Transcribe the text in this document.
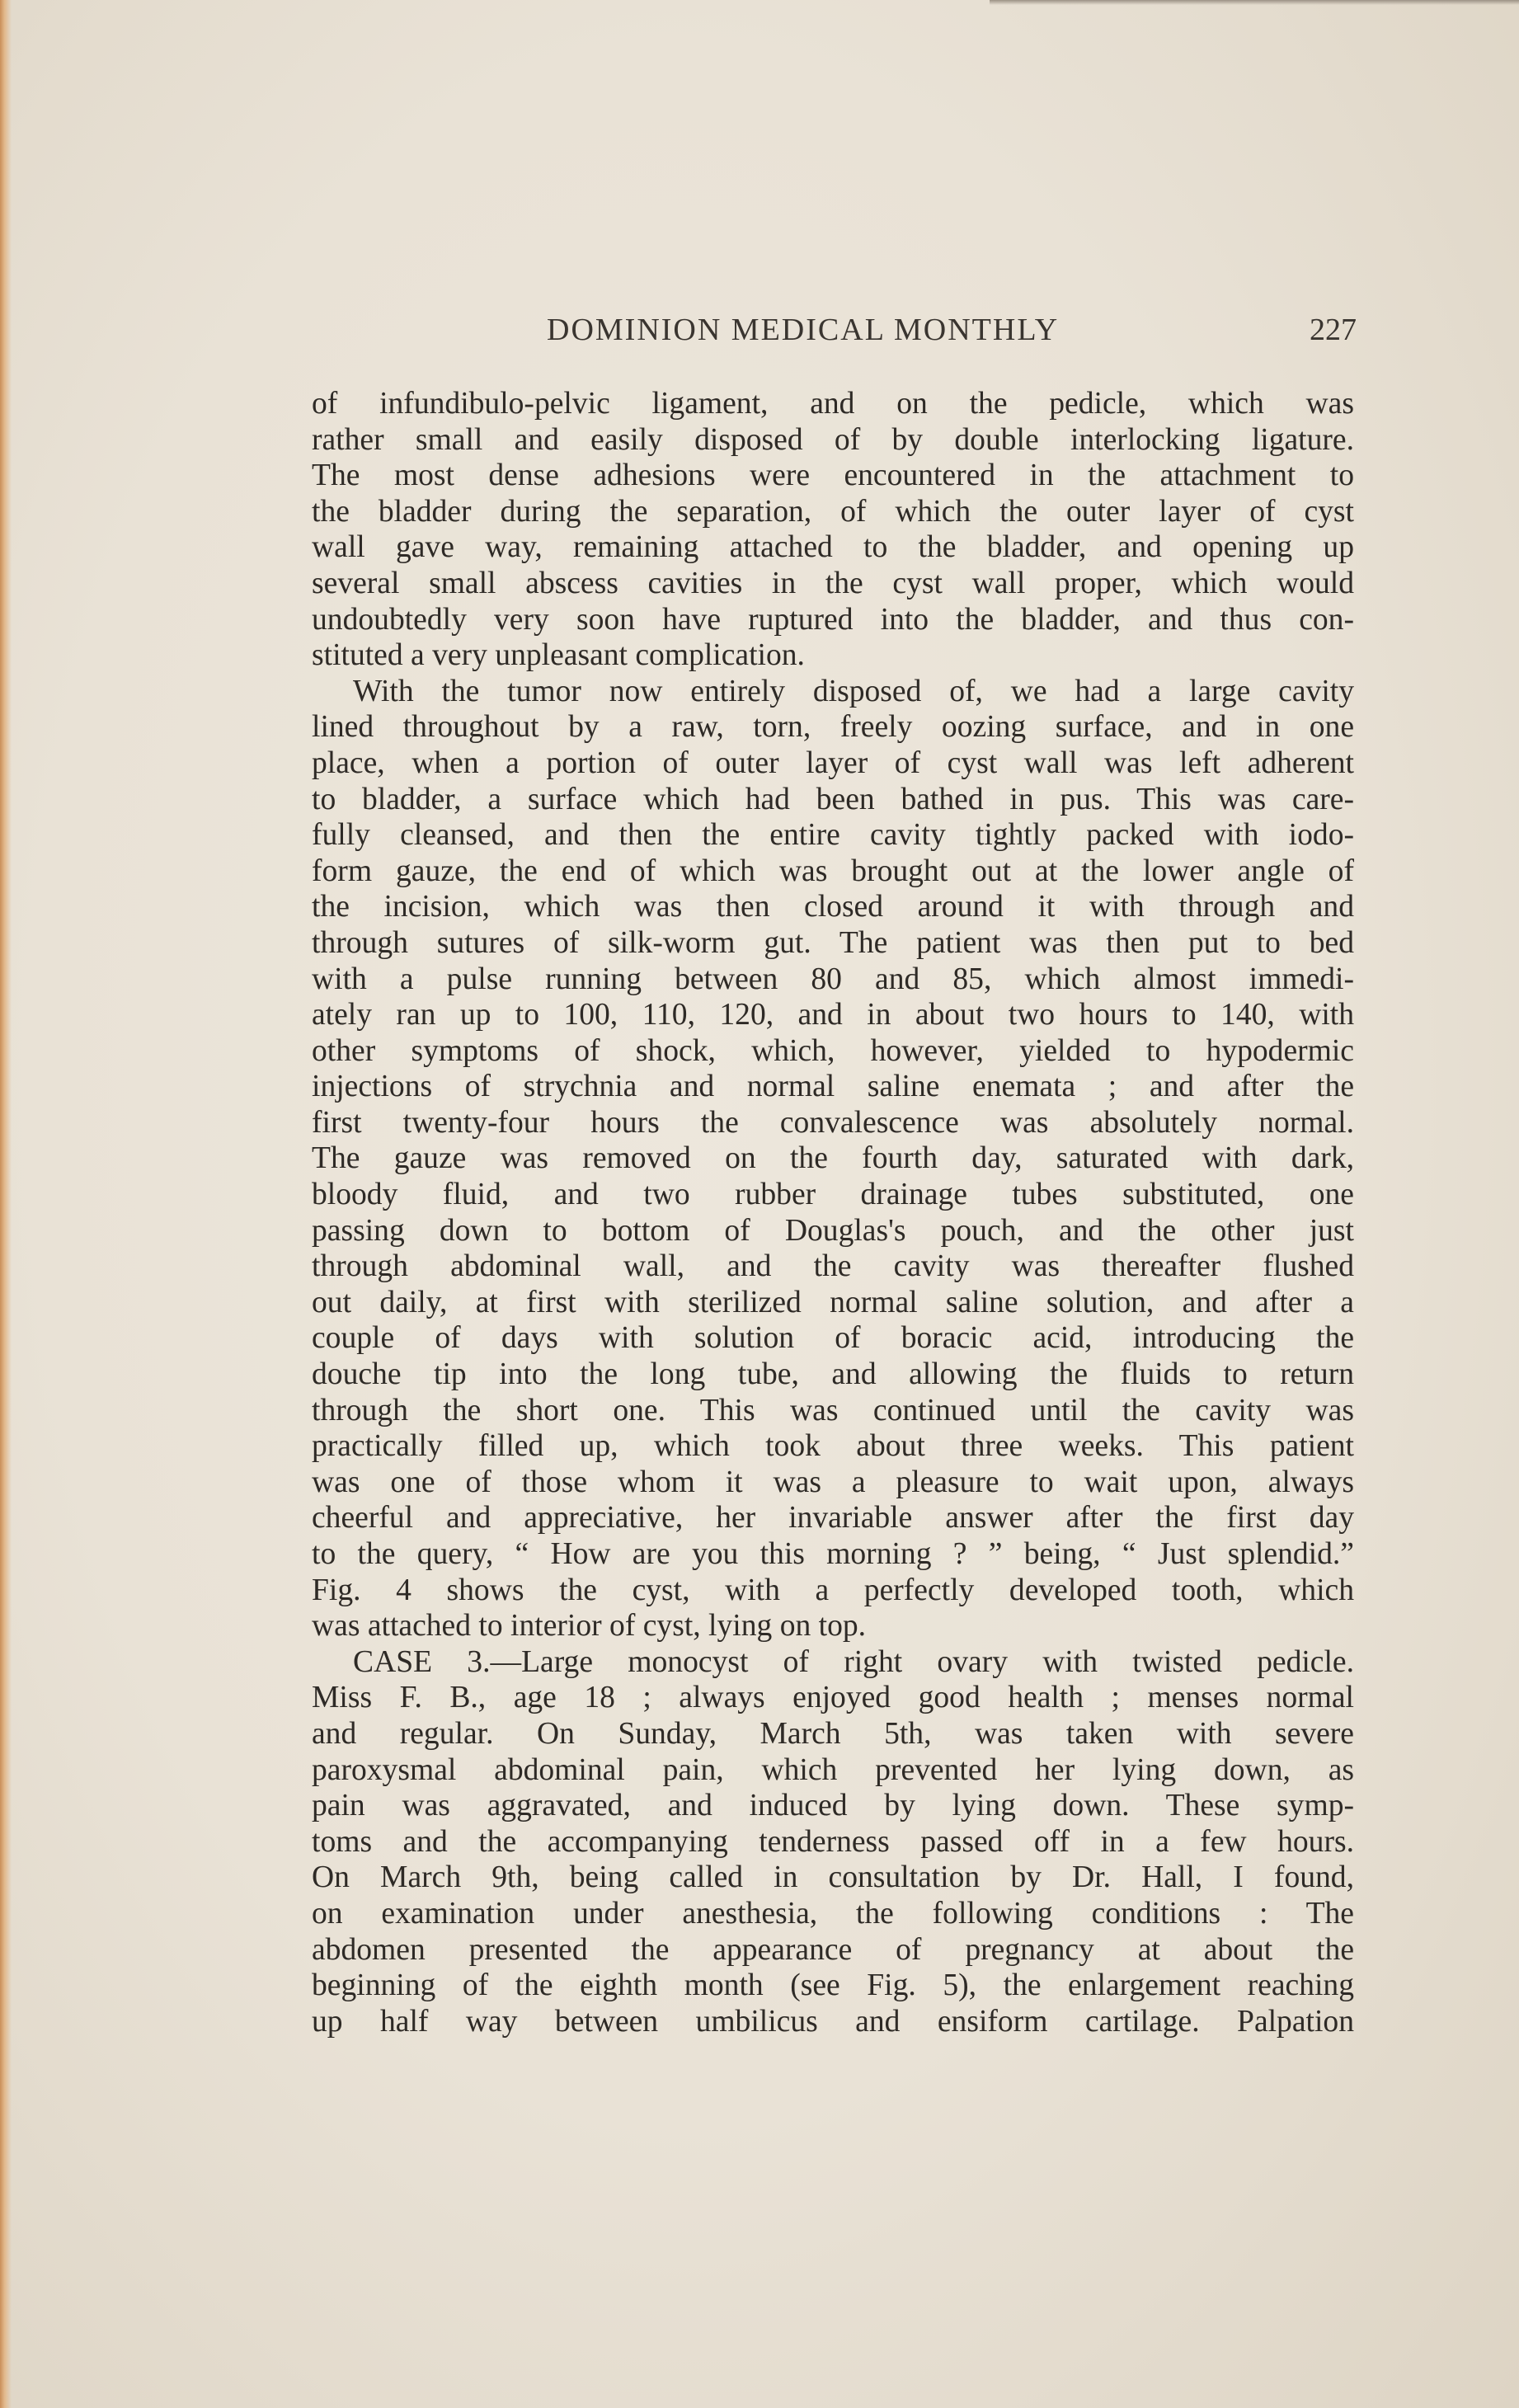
DOMINION MEDICAL MONTHLY	227
of infundibulo-pelvic ligament, and on the pedicle, which was
rather small and easily disposed of by double interlocking ligature.
The most dense adhesions were encountered in the attachment to
the bladder during the separation, of which the outer layer of cyst
wall gave way, remaining attached to the bladder, and opening up
several small abscess cavities in the cyst wall proper, which would
undoubtedly very soon have ruptured into the bladder, and thus con-
stituted a very unpleasant complication.
With the tumor now entirely disposed of, we had a large cavity
lined throughout by a raw, torn, freely oozing surface, and in one
place, when a portion of outer layer of cyst wall was left adherent
to bladder, a surface which had been bathed in pus. This was care-
fully cleansed, and then the entire cavity tightly packed with iodo-
form gauze, the end of which was brought out at the lower angle of
the incision, which was then closed around it with through and
through sutures of silk-worm gut. The patient was then put to bed
with a pulse running between 80 and 85, which almost immedi-
ately ran up to 100, 110, 120, and in about two hours to 140, with
other symptoms of shock, which, however, yielded to hypodermic
injections of strychnia and normal saline enemata ; and after the
first twenty-four hours the convalescence was absolutely normal.
The gauze was removed on the fourth day, saturated with dark,
bloody fluid, and two rubber drainage tubes substituted, one
passing down to bottom of Douglas's pouch, and the other just
through abdominal wall, and the cavity was thereafter flushed
out daily, at first with sterilized normal saline solution, and after a
couple of days with solution of boracic acid, introducing the
douche tip into the long tube, and allowing the fluids to return
through the short one. This was continued until the cavity was
practically filled up, which took about three weeks. This patient
was one of those whom it was a pleasure to wait upon, always
cheerful and appreciative, her invariable answer after the first day
to the query, “ How are you this morning ? ” being, “ Just splendid.”
Fig. 4 shows the cyst, with a perfectly developed tooth, which
was attached to interior of cyst, lying on top.
CASE 3.—Large monocyst of right ovary with twisted pedicle.
Miss F. B., age 18 ; always enjoyed good health ; menses normal
and regular. On Sunday, March 5th, was taken with severe
paroxysmal abdominal pain, which prevented her lying down, as
pain was aggravated, and induced by lying down. These symp-
toms and the accompanying tenderness passed off in a few hours.
On March 9th, being called in consultation by Dr. Hall, I found,
on examination under anesthesia, the following conditions : The
abdomen presented the appearance of pregnancy at about the
beginning of the eighth month (see Fig. 5), the enlargement reaching
up half way between umbilicus and ensiform cartilage. Palpation
